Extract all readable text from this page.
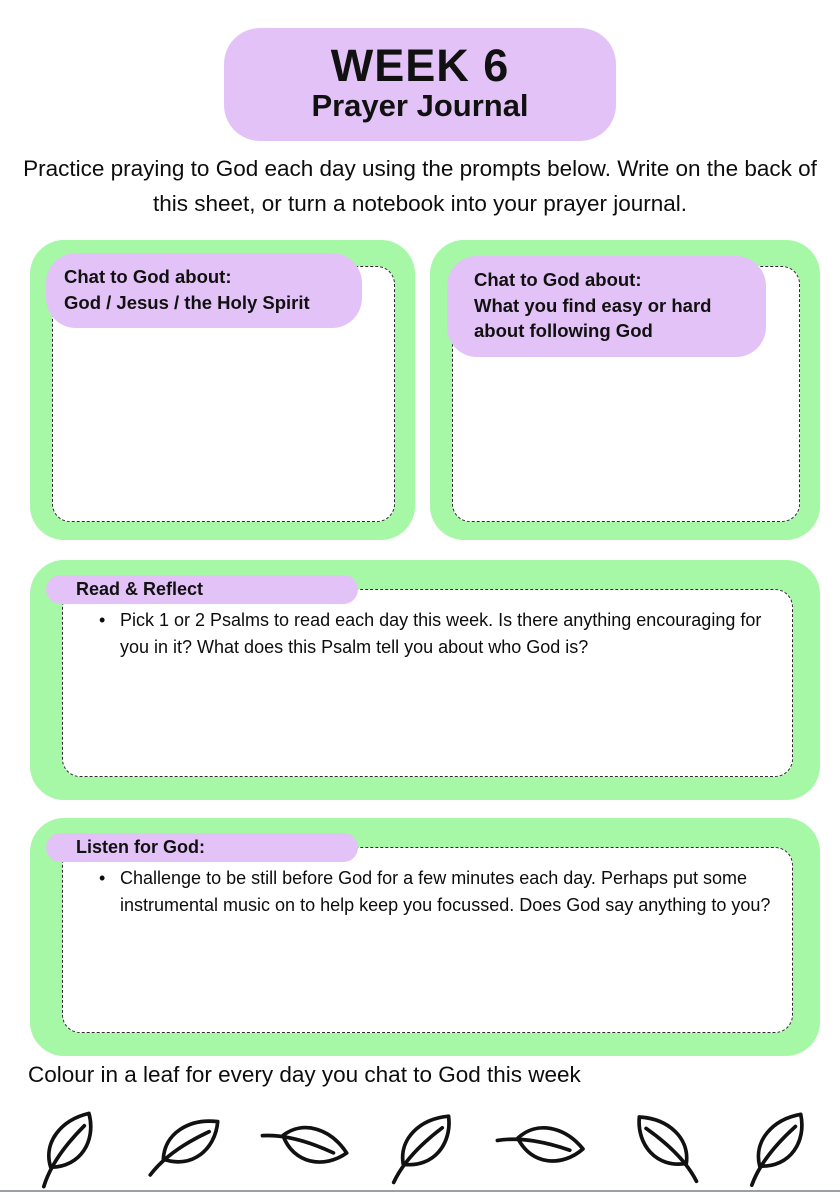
WEEK 6
Prayer Journal

Practice praying to God each day using the prompts below. Write on the back of this sheet, or turn a notebook into your prayer journal.

Chat to God about:
God / Jesus / the Holy Spirit
Chat to God about:
What you find easy or hard about following God
• Pick 1 or 2 Psalms to read each day this week. Is there anything encouraging for you in it? What does this Psalm tell you about who God is?
Read & Reflect
• Challenge to be still before God for a few minutes each day. Perhaps put some instrumental music on to help keep you focussed. Does God say anything to you?
Listen for God:

Colour in a leaf for every day you chat to God this week
